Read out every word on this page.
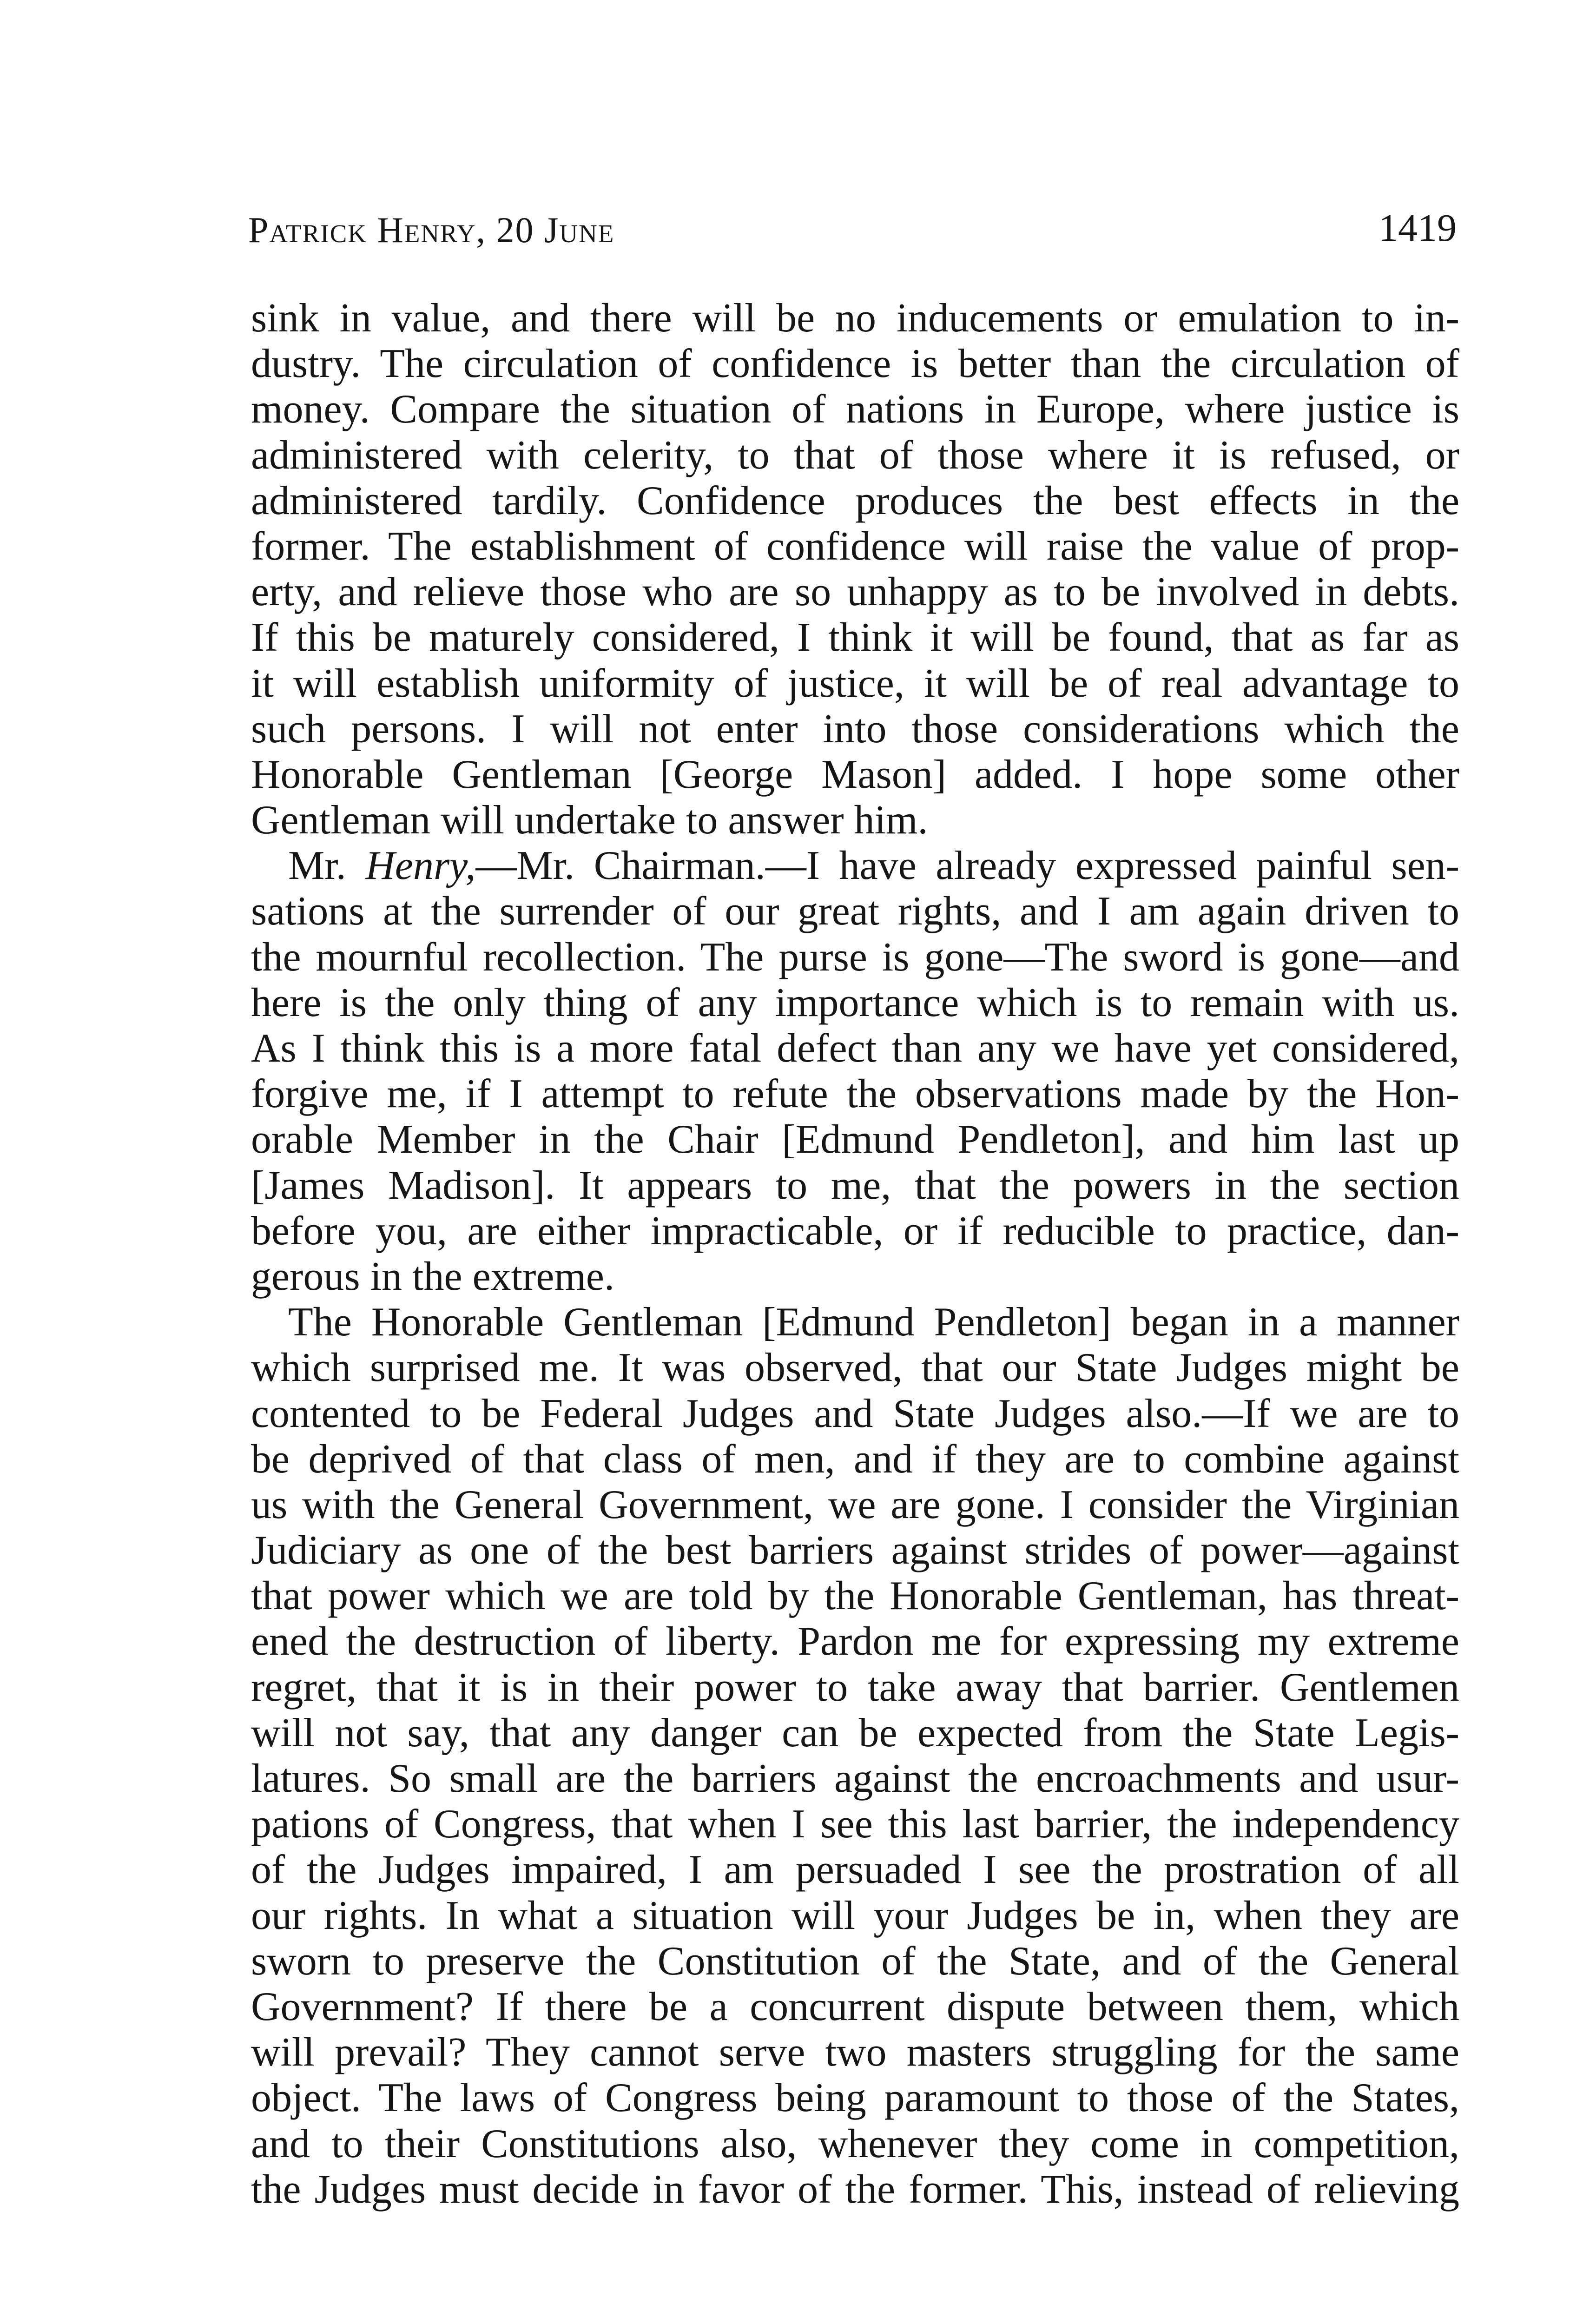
Patrick Henry, 20 June	1419
sink in value, and there will be no inducements or emulation to in-
dustry. The circulation of confidence is better than the circulation of
money. Compare the situation of nations in Europe, where justice is
administered with celerity, to that of those where it is refused, or
administered tardily. Confidence produces the best effects in the
former. The establishment of confidence will raise the value of prop-
erty, and relieve those who are so unhappy as to be involved in debts.
If this be maturely considered, I think it will be found, that as far as
it will establish uniformity of justice, it will be of real advantage to
such persons. I will not enter into those considerations which the
Honorable Gentleman [George Mason] added. I hope some other
Gentleman will undertake to answer him.
Mr. Henry,—Mr. Chairman.—I have already expressed painful sen-
sations at the surrender of our great rights, and I am again driven to
the mournful recollection. The purse is gone—The sword is gone—and
here is the only thing of any importance which is to remain with us.
As I think this is a more fatal defect than any we have yet considered,
forgive me, if I attempt to refute the observations made by the Hon-
orable Member in the Chair [Edmund Pendleton], and him last up
[James Madison]. It appears to me, that the powers in the section
before you, are either impracticable, or if reducible to practice, dan-
gerous in the extreme.
The Honorable Gentleman [Edmund Pendleton] began in a manner
which surprised me. It was observed, that our State Judges might be
contented to be Federal Judges and State Judges also.—If we are to
be deprived of that class of men, and if they are to combine against
us with the General Government, we are gone. I consider the Virginian
Judiciary as one of the best barriers against strides of power—against
that power which we are told by the Honorable Gentleman, has threat-
ened the destruction of liberty. Pardon me for expressing my extreme
regret, that it is in their power to take away that barrier. Gentlemen
will not say, that any danger can be expected from the State Legis-
latures. So small are the barriers against the encroachments and usur-
pations of Congress, that when I see this last barrier, the independency
of the Judges impaired, I am persuaded I see the prostration of all
our rights. In what a situation will your Judges be in, when they are
sworn to preserve the Constitution of the State, and of the General
Government? If there be a concurrent dispute between them, which
will prevail? They cannot serve two masters struggling for the same
object. The laws of Congress being paramount to those of the States,
and to their Constitutions also, whenever they come in competition,
the Judges must decide in favor of the former. This, instead of relieving
